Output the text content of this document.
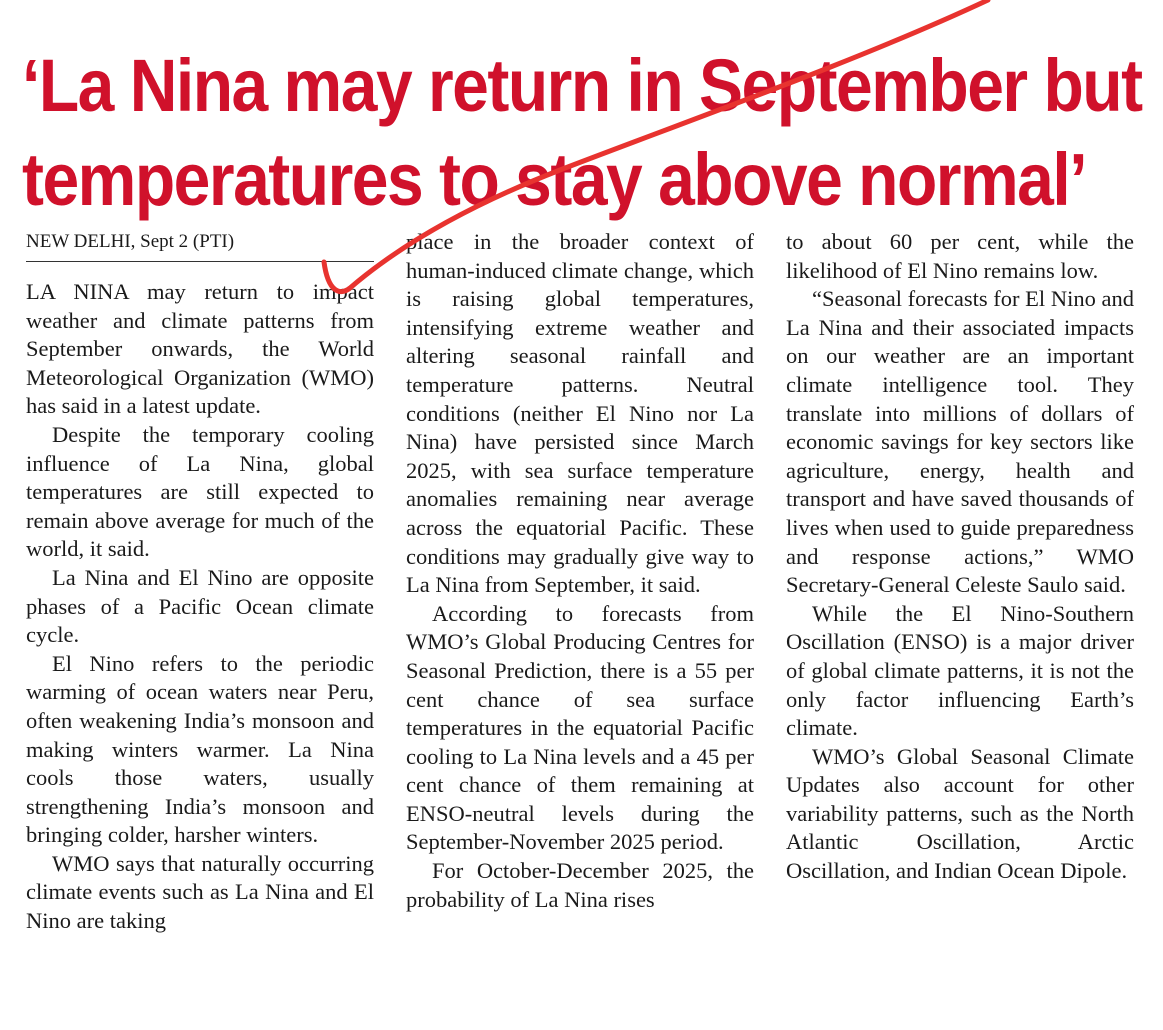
‘La Nina may return in September but
temperatures to stay above normal’

NEW DELHI, Sept 2 (PTI)

LA NINA may return to impact weather and climate patterns from September onwards, the World Meteorological Organization (WMO) has said in a latest update.

Despite the temporary cooling influence of La Nina, global temperatures are still expected to remain above average for much of the world, it said.

La Nina and El Nino are opposite phases of a Pacific Ocean climate cycle.

El Nino refers to the periodic warming of ocean waters near Peru, often weakening India’s monsoon and making winters warmer. La Nina cools those waters, usually strengthening India’s monsoon and bringing colder, harsher winters.

WMO says that naturally occurring climate events such as La Nina and El Nino are taking

place in the broader context of human-induced climate change, which is raising global temperatures, intensifying extreme weather and altering seasonal rainfall and temperature patterns. Neutral conditions (neither El Nino nor La Nina) have persisted since March 2025, with sea surface temperature anomalies remaining near average across the equatorial Pacific. These conditions may gradually give way to La Nina from September, it said.

According to forecasts from WMO’s Global Producing Centres for Seasonal Prediction, there is a 55 per cent chance of sea surface temperatures in the equatorial Pacific cooling to La Nina levels and a 45 per cent chance of them remaining at ENSO-neutral levels during the September-November 2025 period.

For October-December 2025, the probability of La Nina rises

to about 60 per cent, while the likelihood of El Nino remains low.

“Seasonal forecasts for El Nino and La Nina and their associated impacts on our weather are an important climate intelligence tool. They translate into millions of dollars of economic savings for key sectors like agriculture, energy, health and transport and have saved thousands of lives when used to guide preparedness and response actions,” WMO Secretary-General Celeste Saulo said.

While the El Nino-Southern Oscillation (ENSO) is a major driver of global climate patterns, it is not the only factor influencing Earth’s climate.

WMO’s Global Seasonal Climate Updates also account for other variability patterns, such as the North Atlantic Oscillation, Arctic Oscillation, and Indian Ocean Dipole.
